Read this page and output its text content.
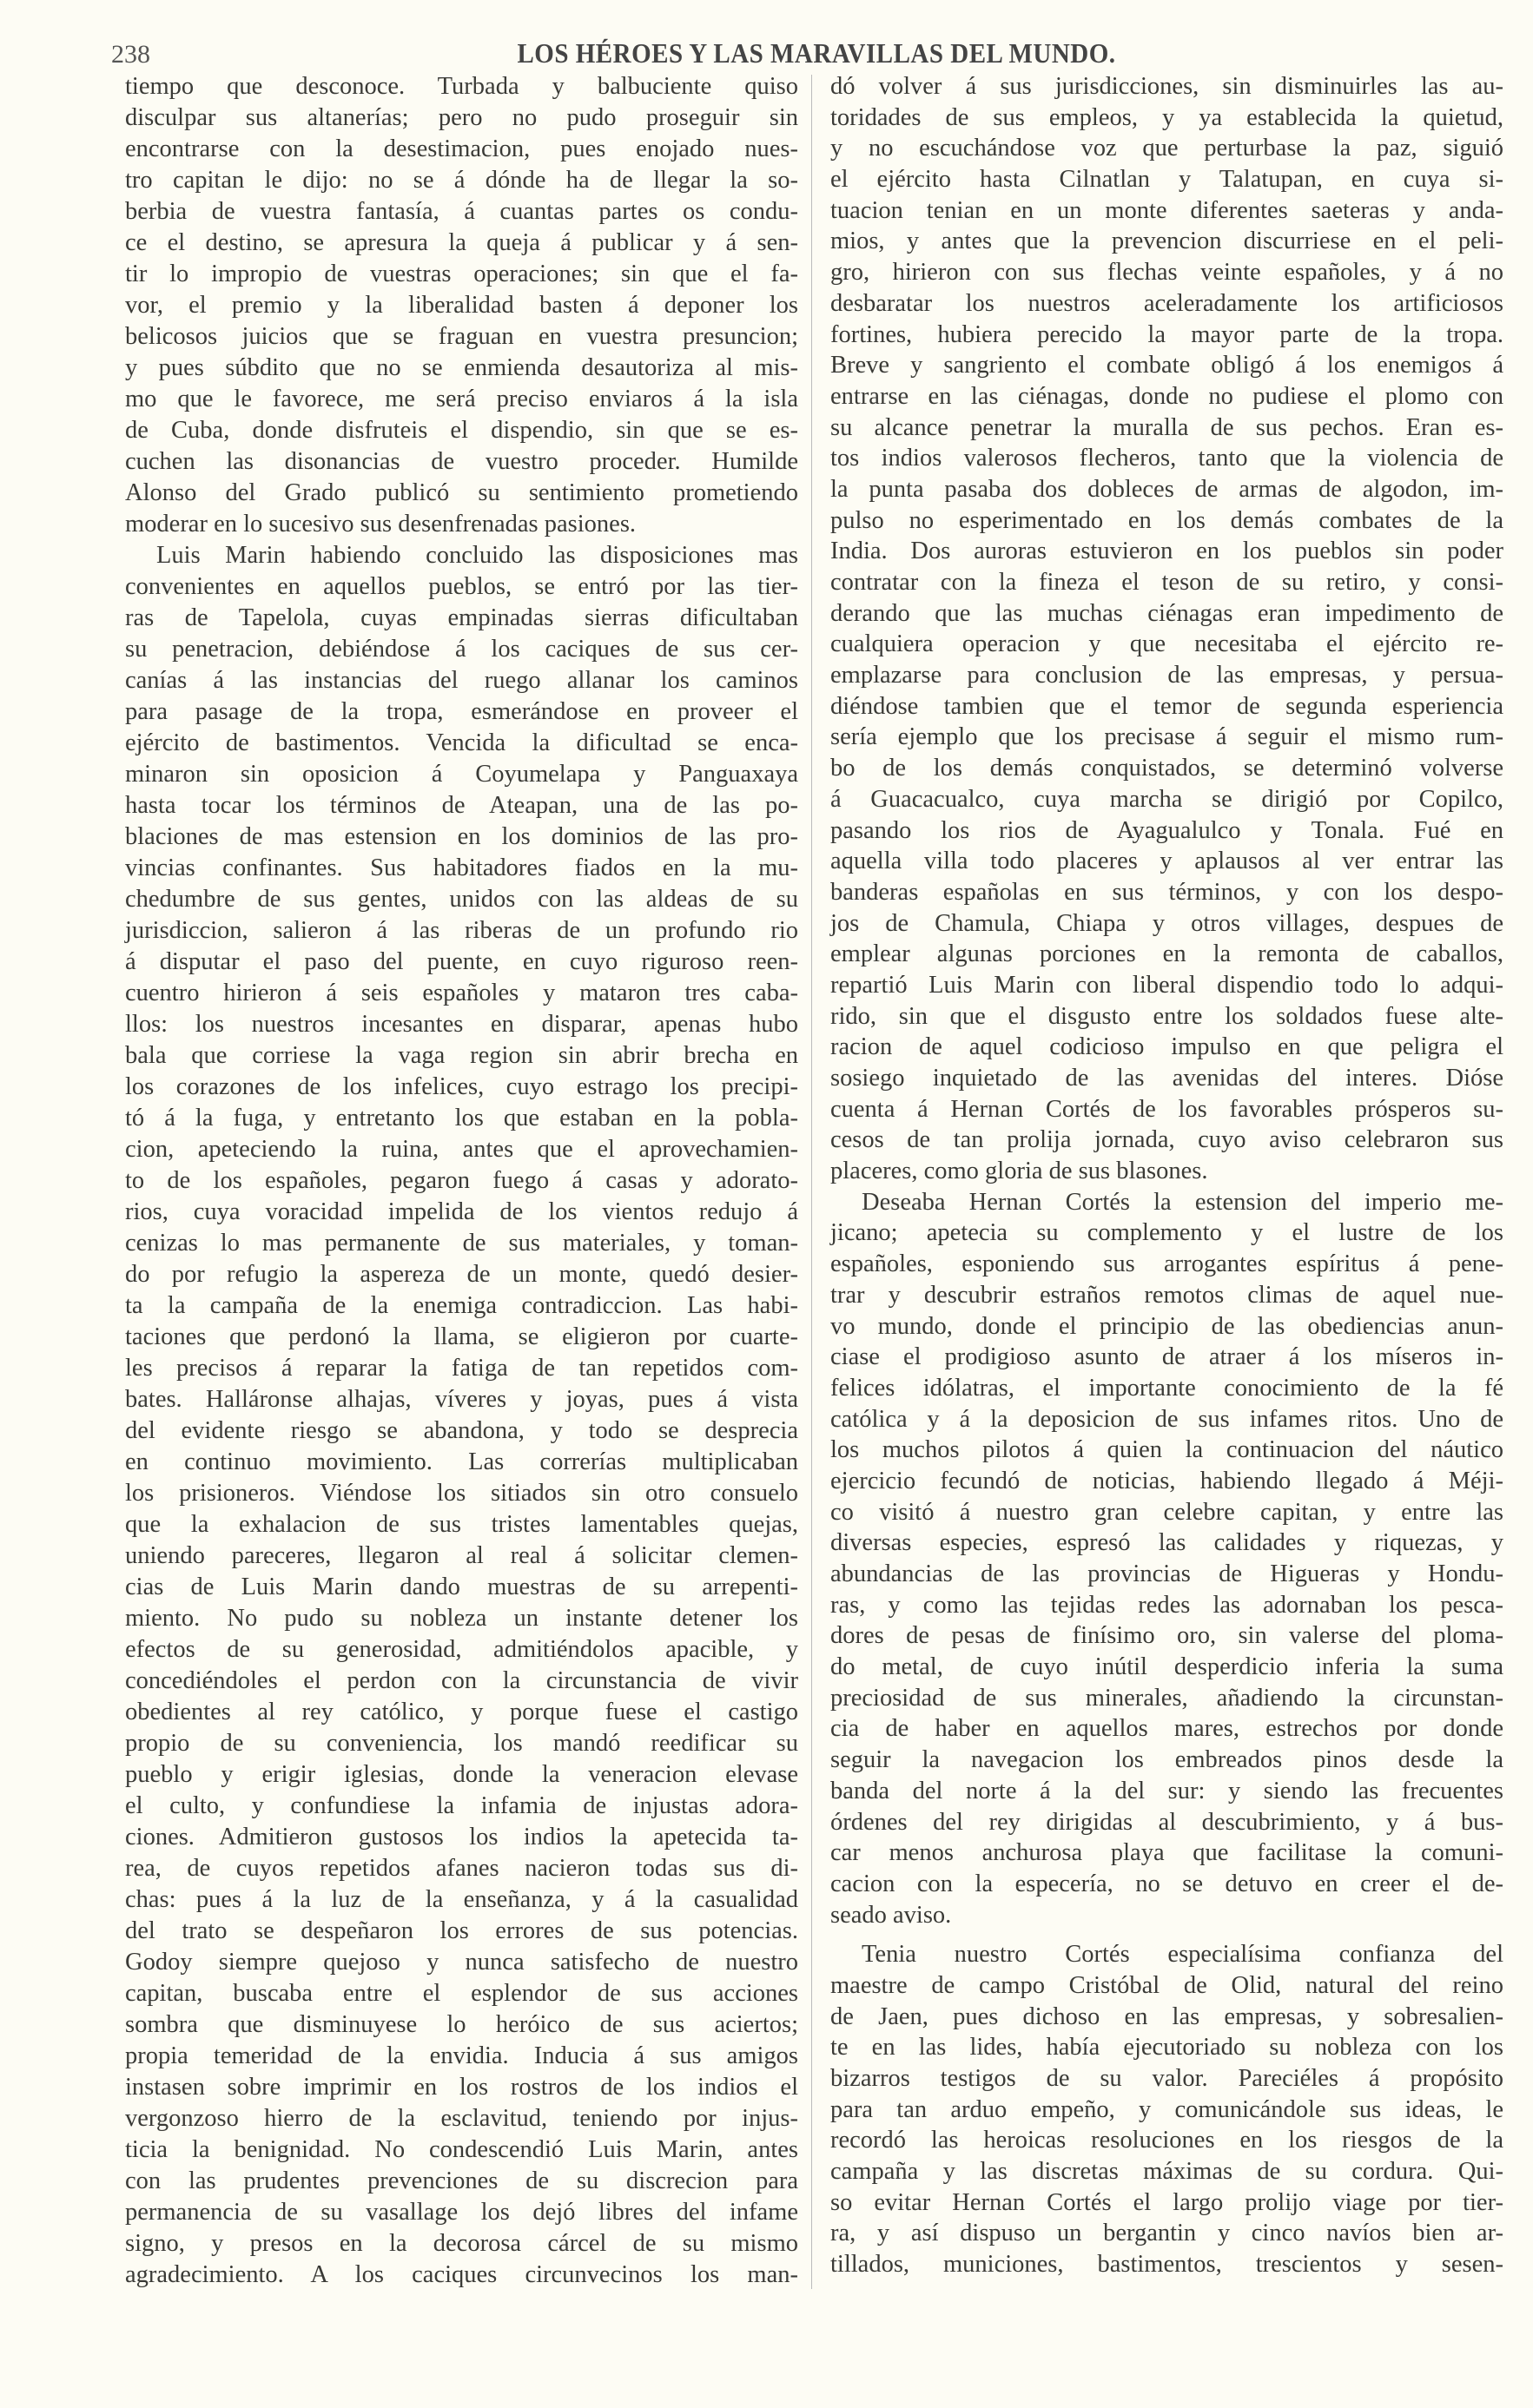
238	LOS HÉROES Y LAS MARAVILLAS DEL MUNDO.
tiempo que desconoce. Turbada y balbuciente quiso
disculpar sus altanerías; pero no pudo proseguir sin
encontrarse con la desestimacion, pues enojado nues-
tro capitan le dijo: no se á dónde ha de llegar la so-
berbia de vuestra fantasía, á cuantas partes os condu-
ce el destino, se apresura la queja á publicar y á sen-
tir lo impropio de vuestras operaciones; sin que el fa-
vor, el premio y la liberalidad basten á deponer los
belicosos juicios que se fraguan en vuestra presuncion;
y pues súbdito que no se enmienda desautoriza al mis-
mo que le favorece, me será preciso enviaros á la isla
de Cuba, donde disfruteis el dispendio, sin que se es-
cuchen las disonancias de vuestro proceder. Humilde
Alonso del Grado publicó su sentimiento prometiendo
moderar en lo sucesivo sus desenfrenadas pasiones.
Luis Marin habiendo concluido las disposiciones mas
convenientes en aquellos pueblos, se entró por las tier-
ras de Tapelola, cuyas empinadas sierras dificultaban
su penetracion, debiéndose á los caciques de sus cer-
canías á las instancias del ruego allanar los caminos
para pasage de la tropa, esmerándose en proveer el
ejército de bastimentos. Vencida la dificultad se enca-
minaron sin oposicion á Coyumelapa y Panguaxaya
hasta tocar los términos de Ateapan, una de las po-
blaciones de mas estension en los dominios de las pro-
vincias confinantes. Sus habitadores fiados en la mu-
chedumbre de sus gentes, unidos con las aldeas de su
jurisdiccion, salieron á las riberas de un profundo rio
á disputar el paso del puente, en cuyo riguroso reen-
cuentro hirieron á seis españoles y mataron tres caba-
llos: los nuestros incesantes en disparar, apenas hubo
bala que corriese la vaga region sin abrir brecha en
los corazones de los infelices, cuyo estrago los precipi-
tó á la fuga, y entretanto los que estaban en la pobla-
cion, apeteciendo la ruina, antes que el aprovechamien-
to de los españoles, pegaron fuego á casas y adorato-
rios, cuya voracidad impelida de los vientos redujo á
cenizas lo mas permanente de sus materiales, y toman-
do por refugio la aspereza de un monte, quedó desier-
ta la campaña de la enemiga contradiccion. Las habi-
taciones que perdonó la llama, se eligieron por cuarte-
les precisos á reparar la fatiga de tan repetidos com-
bates. Halláronse alhajas, víveres y joyas, pues á vista
del evidente riesgo se abandona, y todo se desprecia
en continuo movimiento. Las correrías multiplicaban
los prisioneros. Viéndose los sitiados sin otro consuelo
que la exhalacion de sus tristes lamentables quejas,
uniendo pareceres, llegaron al real á solicitar clemen-
cias de Luis Marin dando muestras de su arrepenti-
miento. No pudo su nobleza un instante detener los
efectos de su generosidad, admitiéndolos apacible, y
concediéndoles el perdon con la circunstancia de vivir
obedientes al rey católico, y porque fuese el castigo
propio de su conveniencia, los mandó reedificar su
pueblo y erigir iglesias, donde la veneracion elevase
el culto, y confundiese la infamia de injustas adora-
ciones. Admitieron gustosos los indios la apetecida ta-
rea, de cuyos repetidos afanes nacieron todas sus di-
chas: pues á la luz de la enseñanza, y á la casualidad
del trato se despeñaron los errores de sus potencias.
Godoy siempre quejoso y nunca satisfecho de nuestro
capitan, buscaba entre el esplendor de sus acciones
sombra que disminuyese lo heróico de sus aciertos;
propia temeridad de la envidia. Inducia á sus amigos
instasen sobre imprimir en los rostros de los indios el
vergonzoso hierro de la esclavitud, teniendo por injus-
ticia la benignidad. No condescendió Luis Marin, antes
con las prudentes prevenciones de su discrecion para
permanencia de su vasallage los dejó libres del infame
signo, y presos en la decorosa cárcel de su mismo
agradecimiento. A los caciques circunvecinos los man-
dó volver á sus jurisdicciones, sin disminuirles las au-
toridades de sus empleos, y ya establecida la quietud,
y no escuchándose voz que perturbase la paz, siguió
el ejército hasta Cilnatlan y Talatupan, en cuya si-
tuacion tenian en un monte diferentes saeteras y anda-
mios, y antes que la prevencion discurriese en el peli-
gro, hirieron con sus flechas veinte españoles, y á no
desbaratar los nuestros aceleradamente los artificiosos
fortines, hubiera perecido la mayor parte de la tropa.
Breve y sangriento el combate obligó á los enemigos á
entrarse en las ciénagas, donde no pudiese el plomo con
su alcance penetrar la muralla de sus pechos. Eran es-
tos indios valerosos flecheros, tanto que la violencia de
la punta pasaba dos dobleces de armas de algodon, im-
pulso no esperimentado en los demás combates de la
India. Dos auroras estuvieron en los pueblos sin poder
contratar con la fineza el teson de su retiro, y consi-
derando que las muchas ciénagas eran impedimento de
cualquiera operacion y que necesitaba el ejército re-
emplazarse para conclusion de las empresas, y persua-
diéndose tambien que el temor de segunda esperiencia
sería ejemplo que los precisase á seguir el mismo rum-
bo de los demás conquistados, se determinó volverse
á Guacacualco, cuya marcha se dirigió por Copilco,
pasando los rios de Ayagualulco y Tonala. Fué en
aquella villa todo placeres y aplausos al ver entrar las
banderas españolas en sus términos, y con los despo-
jos de Chamula, Chiapa y otros villages, despues de
emplear algunas porciones en la remonta de caballos,
repartió Luis Marin con liberal dispendio todo lo adqui-
rido, sin que el disgusto entre los soldados fuese alte-
racion de aquel codicioso impulso en que peligra el
sosiego inquietado de las avenidas del interes. Dióse
cuenta á Hernan Cortés de los favorables prósperos su-
cesos de tan prolija jornada, cuyo aviso celebraron sus
placeres, como gloria de sus blasones.
Deseaba Hernan Cortés la estension del imperio me-
jicano; apetecia su complemento y el lustre de los
españoles, esponiendo sus arrogantes espíritus á pene-
trar y descubrir estraños remotos climas de aquel nue-
vo mundo, donde el principio de las obediencias anun-
ciase el prodigioso asunto de atraer á los míseros in-
felices idólatras, el importante conocimiento de la fé
católica y á la deposicion de sus infames ritos. Uno de
los muchos pilotos á quien la continuacion del náutico
ejercicio fecundó de noticias, habiendo llegado á Méji-
co visitó á nuestro gran celebre capitan, y entre las
diversas especies, espresó las calidades y riquezas, y
abundancias de las provincias de Higueras y Hondu-
ras, y como las tejidas redes las adornaban los pesca-
dores de pesas de finísimo oro, sin valerse del ploma-
do metal, de cuyo inútil desperdicio inferia la suma
preciosidad de sus minerales, añadiendo la circunstan-
cia de haber en aquellos mares, estrechos por donde
seguir la navegacion los embreados pinos desde la
banda del norte á la del sur: y siendo las frecuentes
órdenes del rey dirigidas al descubrimiento, y á bus-
car menos anchurosa playa que facilitase la comuni-
cacion con la especería, no se detuvo en creer el de-
seado aviso.
Tenia nuestro Cortés especialísima confianza del
maestre de campo Cristóbal de Olid, natural del reino
de Jaen, pues dichoso en las empresas, y sobresalien-
te en las lides, había ejecutoriado su nobleza con los
bizarros testigos de su valor. Pareciéles á propósito
para tan arduo empeño, y comunicándole sus ideas, le
recordó las heroicas resoluciones en los riesgos de la
campaña y las discretas máximas de su cordura. Qui-
so evitar Hernan Cortés el largo prolijo viage por tier-
ra, y así dispuso un bergantin y cinco navíos bien ar-
tillados, municiones, bastimentos, trescientos y sesen-
